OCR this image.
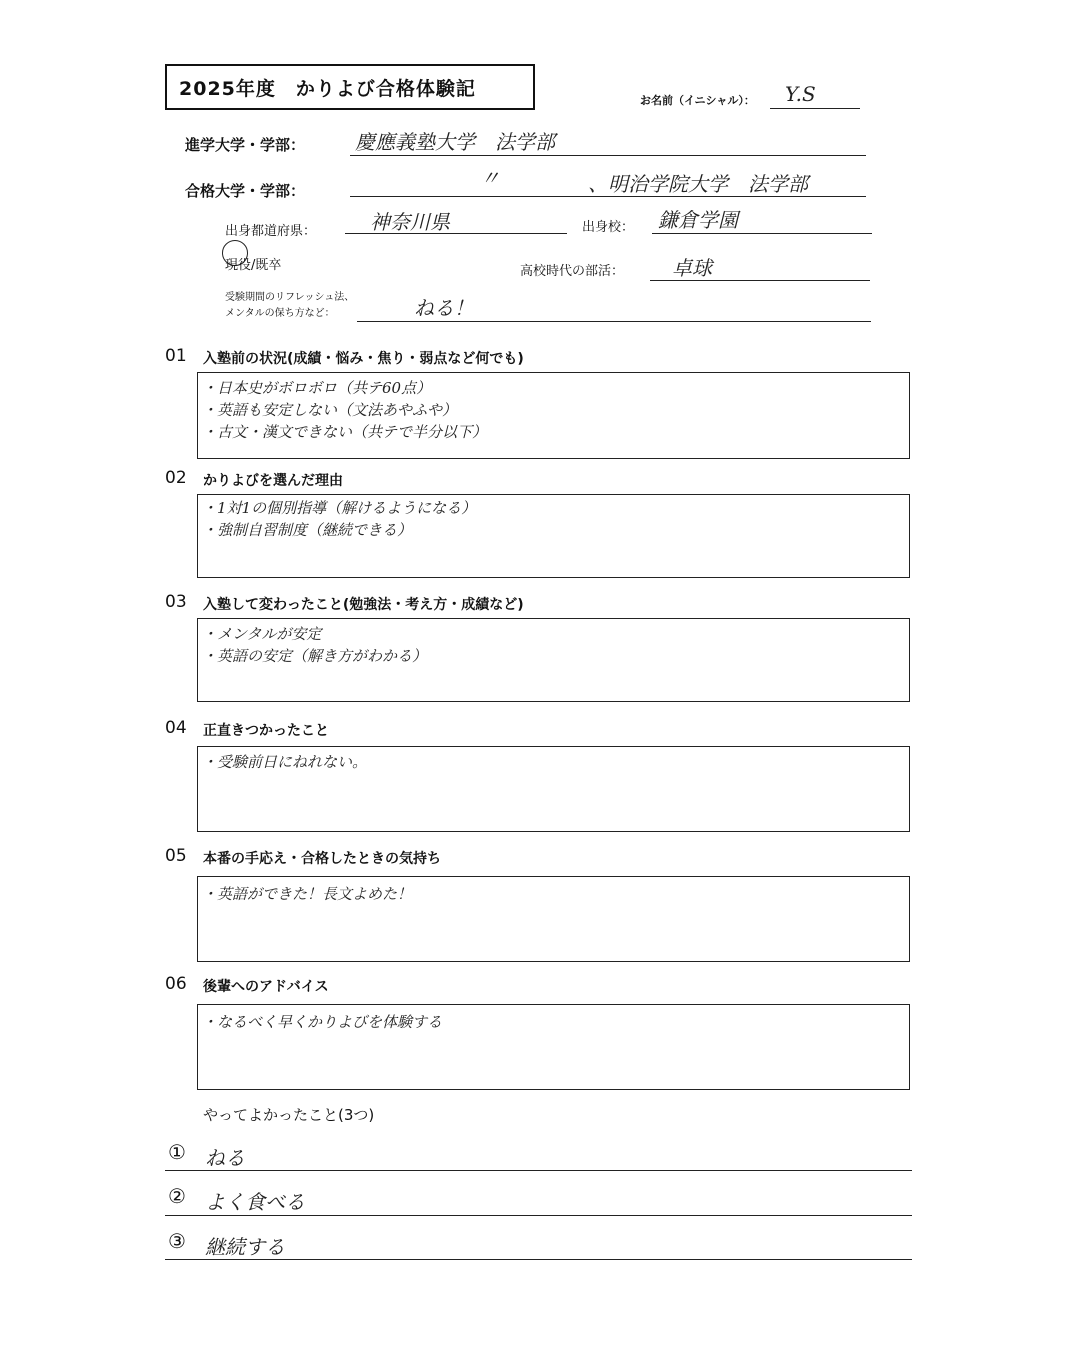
2025年度　かりよび合格体験記
お名前（イニシャル）： Y.S
進学大学・学部： 慶應義塾大学　法学部
合格大学・学部：
〃	、明治学院大学　法学部
出身都道府県：	神奈川県	出身校： 鎌倉学園
現役/既卒	高校時代の部活： 卓球
受験期間のリフレッシュ法、
メンタルの保ち方など：	ねる！
01 入塾前の状況(成績・悩み・焦り・弱点など何でも)
・日本史がボロボロ（共テ60点）
・英語も安定しない（文法あやふや）
・古文・漢文できない（共テで半分以下）
02 かりよびを選んだ理由
・1対1の個別指導（解けるようになる）
・強制自習制度（継続できる）
03 入塾して変わったこと(勉強法・考え方・成績など)
・メンタルが安定
・英語の安定（解き方がわかる）
04 正直きつかったこと
・受験前日にねれない。
05 本番の手応え・合格したときの気持ち
・英語ができた！長文よめた！
06 後輩へのアドバイス
・なるべく早くかりよびを体験する
やってよかったこと(3つ)
① ねる
② よく食べる
③ 継続する
